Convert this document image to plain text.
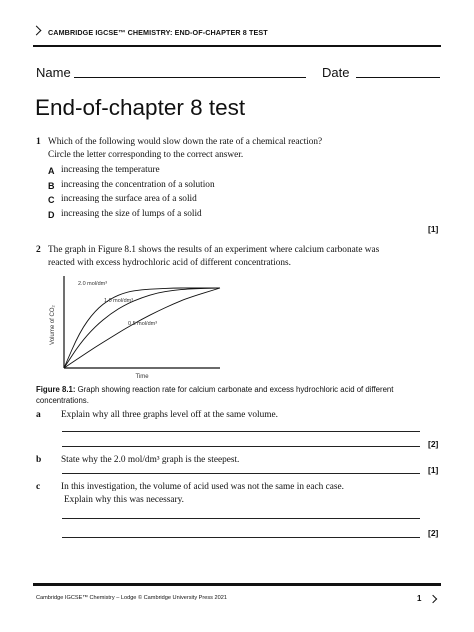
CAMBRIDGE IGCSE™ CHEMISTRY: END-OF-CHAPTER 8 TEST
Name	Date
End-of-chapter 8 test
1 Which of the following would slow down the rate of a chemical reaction?
Circle the letter corresponding to the correct answer.
A increasing the temperature
B increasing the concentration of a solution
C increasing the surface area of a solid
D increasing the size of lumps of a solid
[1]
2 The graph in Figure 8.1 shows the results of an experiment where calcium carbonate was
reacted with excess hydrochloric acid of different concentrations.
Volume of CO₂
Time
2.0 mol/dm³
1.0 mol/dm³
0.5 mol/dm³
Figure 8.1: Graph showing reaction rate for calcium carbonate and excess hydrochloric acid of different concentrations.
a Explain why all three graphs level off at the same volume.
[2]
b State why the 2.0 mol/dm³ graph is the steepest.
[1]
c In this investigation, the volume of acid used was not the same in each case.
Explain why this was necessary.
[2]
Cambridge IGCSE™ Chemistry – Lodge © Cambridge University Press 2021	1
